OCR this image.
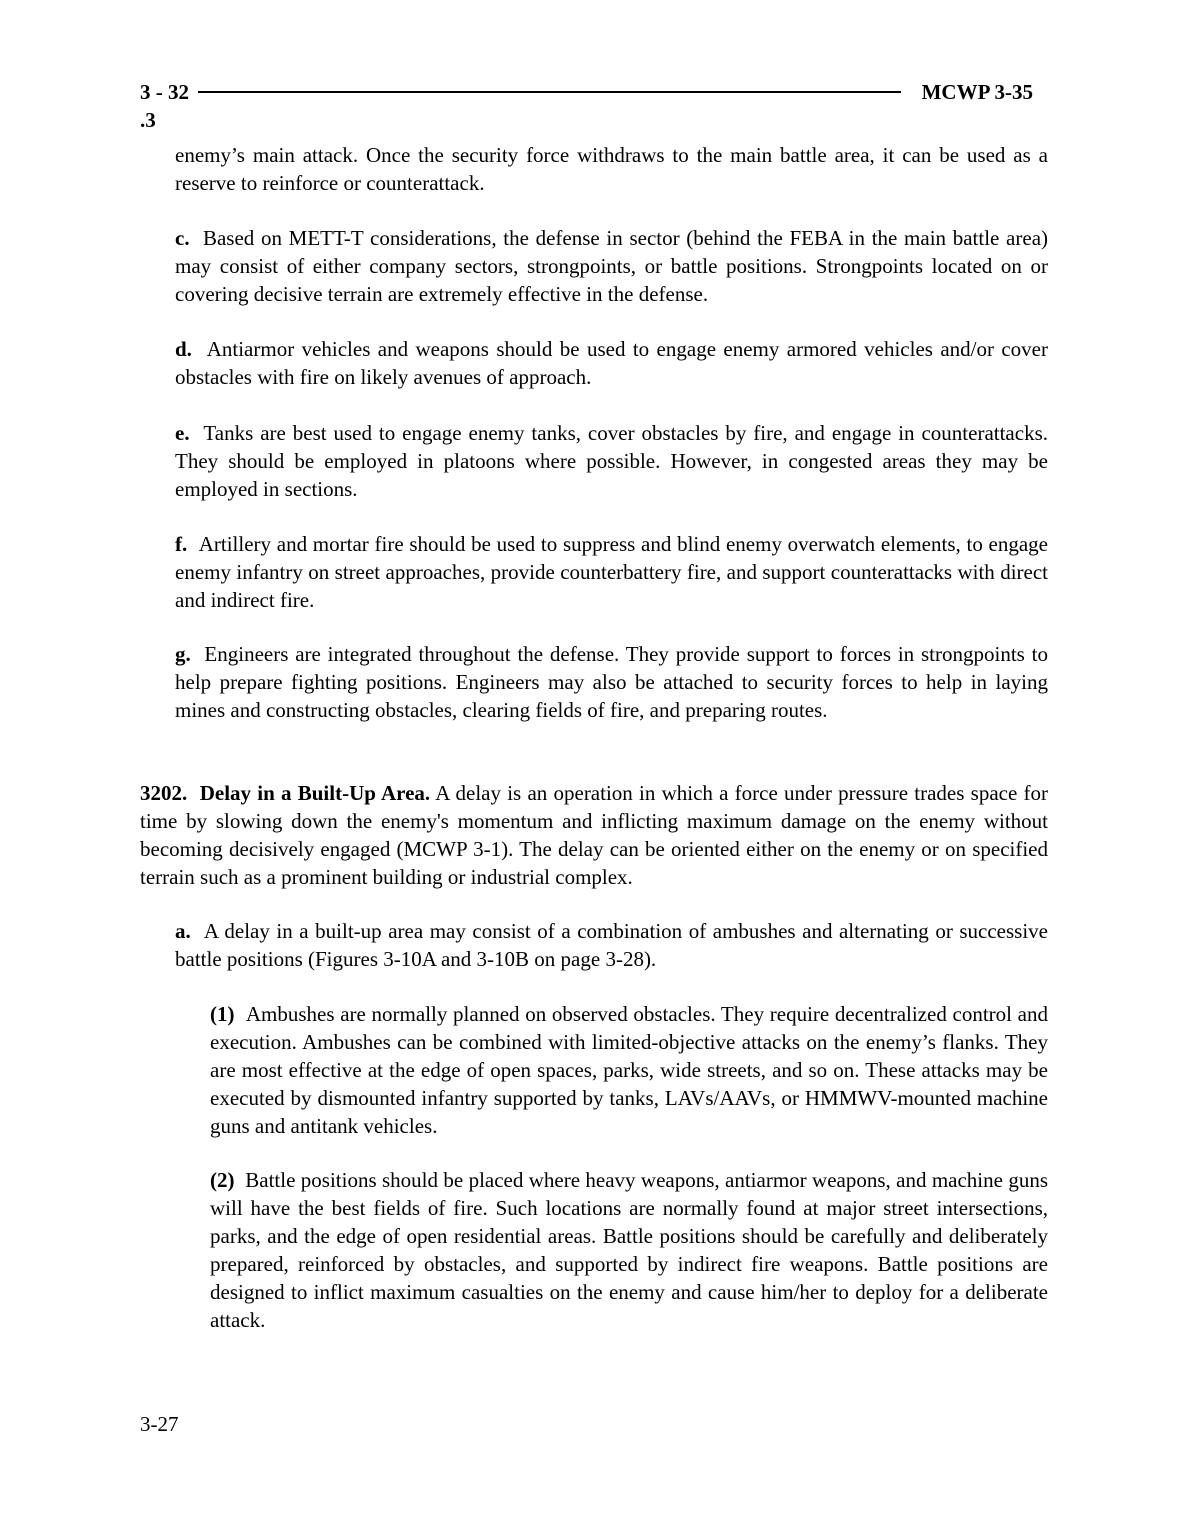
3 - 32	MCWP 3-35
.3

enemy’s main attack. Once the security force withdraws to the main battle area, it can be used as a reserve to reinforce or counterattack.

c. Based on METT-T considerations, the defense in sector (behind the FEBA in the main battle area) may consist of either company sectors, strongpoints, or battle positions. Strongpoints located on or covering decisive terrain are extremely effective in the defense.

d. Antiarmor vehicles and weapons should be used to engage enemy armored vehicles and/or cover obstacles with fire on likely avenues of approach.

e. Tanks are best used to engage enemy tanks, cover obstacles by fire, and engage in counterattacks. They should be employed in platoons where possible. However, in congested areas they may be employed in sections.

f. Artillery and mortar fire should be used to suppress and blind enemy overwatch elements, to engage enemy infantry on street approaches, provide counterbattery fire, and support counterattacks with direct and indirect fire.

g. Engineers are integrated throughout the defense. They provide support to forces in strongpoints to help prepare fighting positions. Engineers may also be attached to security forces to help in laying mines and constructing obstacles, clearing fields of fire, and preparing routes.

3202. Delay in a Built-Up Area. A delay is an operation in which a force under pressure trades space for time by slowing down the enemy's momentum and inflicting maximum damage on the enemy without becoming decisively engaged (MCWP 3-1). The delay can be oriented either on the enemy or on specified terrain such as a prominent building or industrial complex.

a. A delay in a built-up area may consist of a combination of ambushes and alternating or successive battle positions (Figures 3-10A and 3-10B on page 3-28).

(1) Ambushes are normally planned on observed obstacles. They require decentralized control and execution. Ambushes can be combined with limited-objective attacks on the enemy’s flanks. They are most effective at the edge of open spaces, parks, wide streets, and so on. These attacks may be executed by dismounted infantry supported by tanks, LAVs/AAVs, or HMMWV-mounted machine guns and antitank vehicles.

(2) Battle positions should be placed where heavy weapons, antiarmor weapons, and machine guns will have the best fields of fire. Such locations are normally found at major street intersections, parks, and the edge of open residential areas. Battle positions should be carefully and deliberately prepared, reinforced by obstacles, and supported by indirect fire weapons. Battle positions are designed to inflict maximum casualties on the enemy and cause him/her to deploy for a deliberate attack.

3-27
